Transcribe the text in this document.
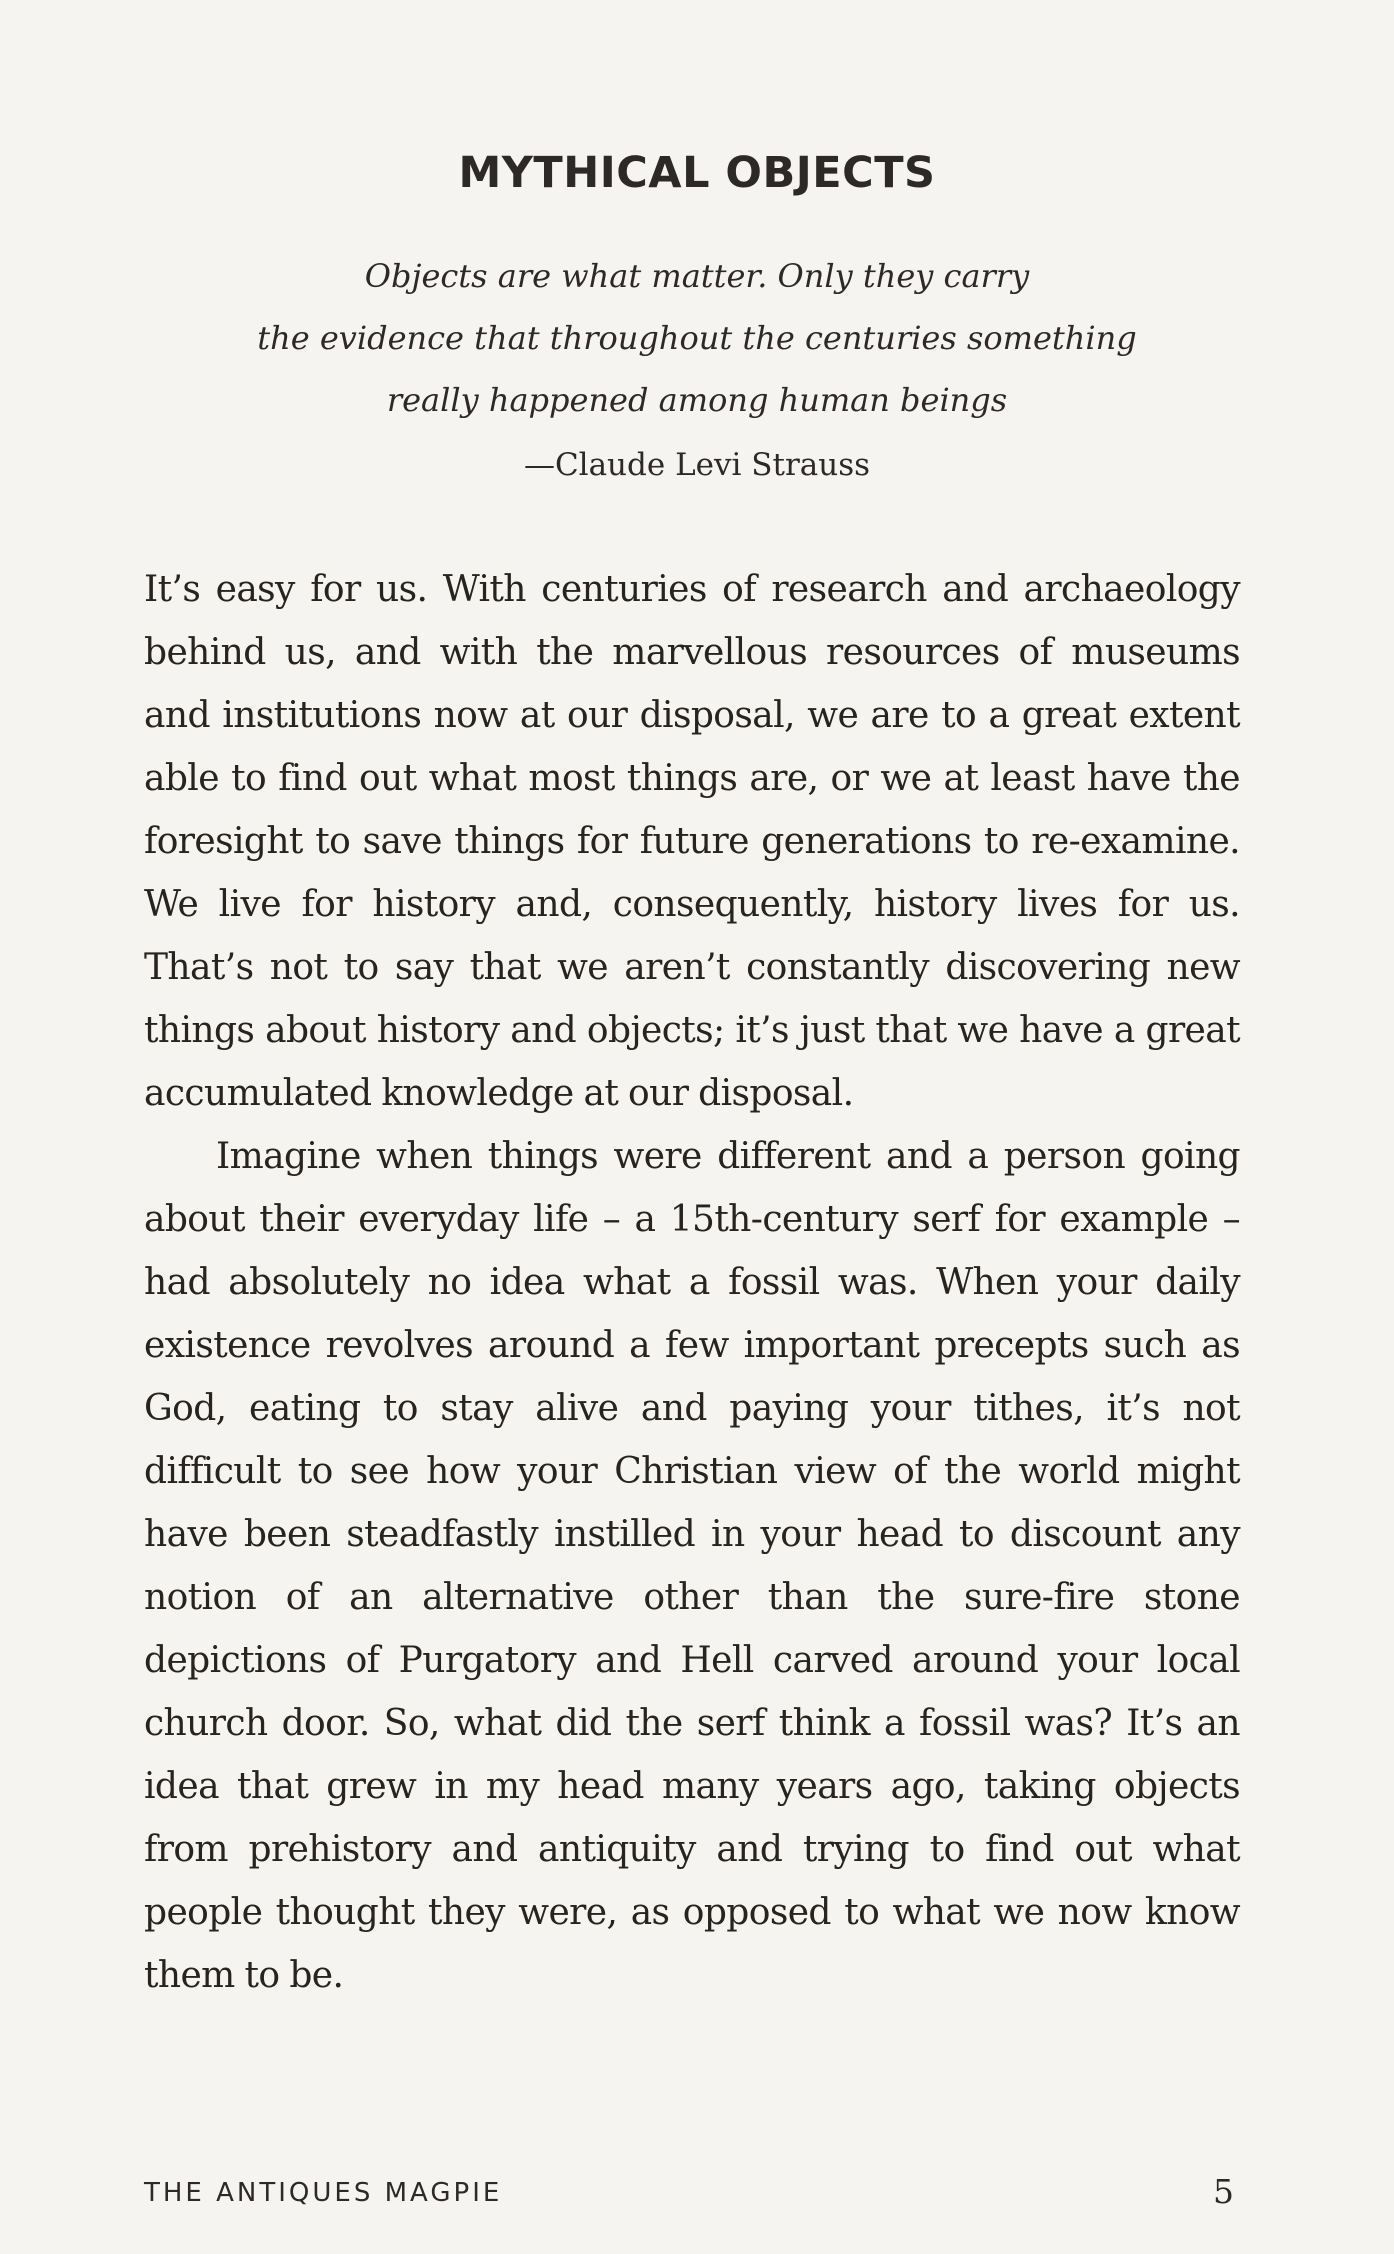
MYTHICAL OBJECTS
Objects are what matter. Only they carry
the evidence that throughout the centuries something
really happened among human beings
—Claude Levi Strauss

It’s easy for us. With centuries of research and archaeology behind us, and with the marvellous resources of museums and institutions now at our disposal, we are to a great extent able to find out what most things are, or we at least have the foresight to save things for future generations to re-examine. We live for history and, consequently, history lives for us. That’s not to say that we aren’t constantly discovering new things about history and objects; it’s just that we have a great accumulated knowledge at our disposal.

Imagine when things were different and a person going about their everyday life – a 15th-century serf for example – had absolutely no idea what a fossil was. When your daily existence revolves around a few important precepts such as God, eating to stay alive and paying your tithes, it’s not difficult to see how your Christian view of the world might have been steadfastly instilled in your head to discount any notion of an alternative other than the sure-fire stone depictions of Purgatory and Hell carved around your local church door. So, what did the serf think a fossil was? It’s an idea that grew in my head many years ago, taking objects from prehistory and antiquity and trying to find out what people thought they were, as opposed to what we now know them to be.

THE ANTIQUES MAGPIE	5
